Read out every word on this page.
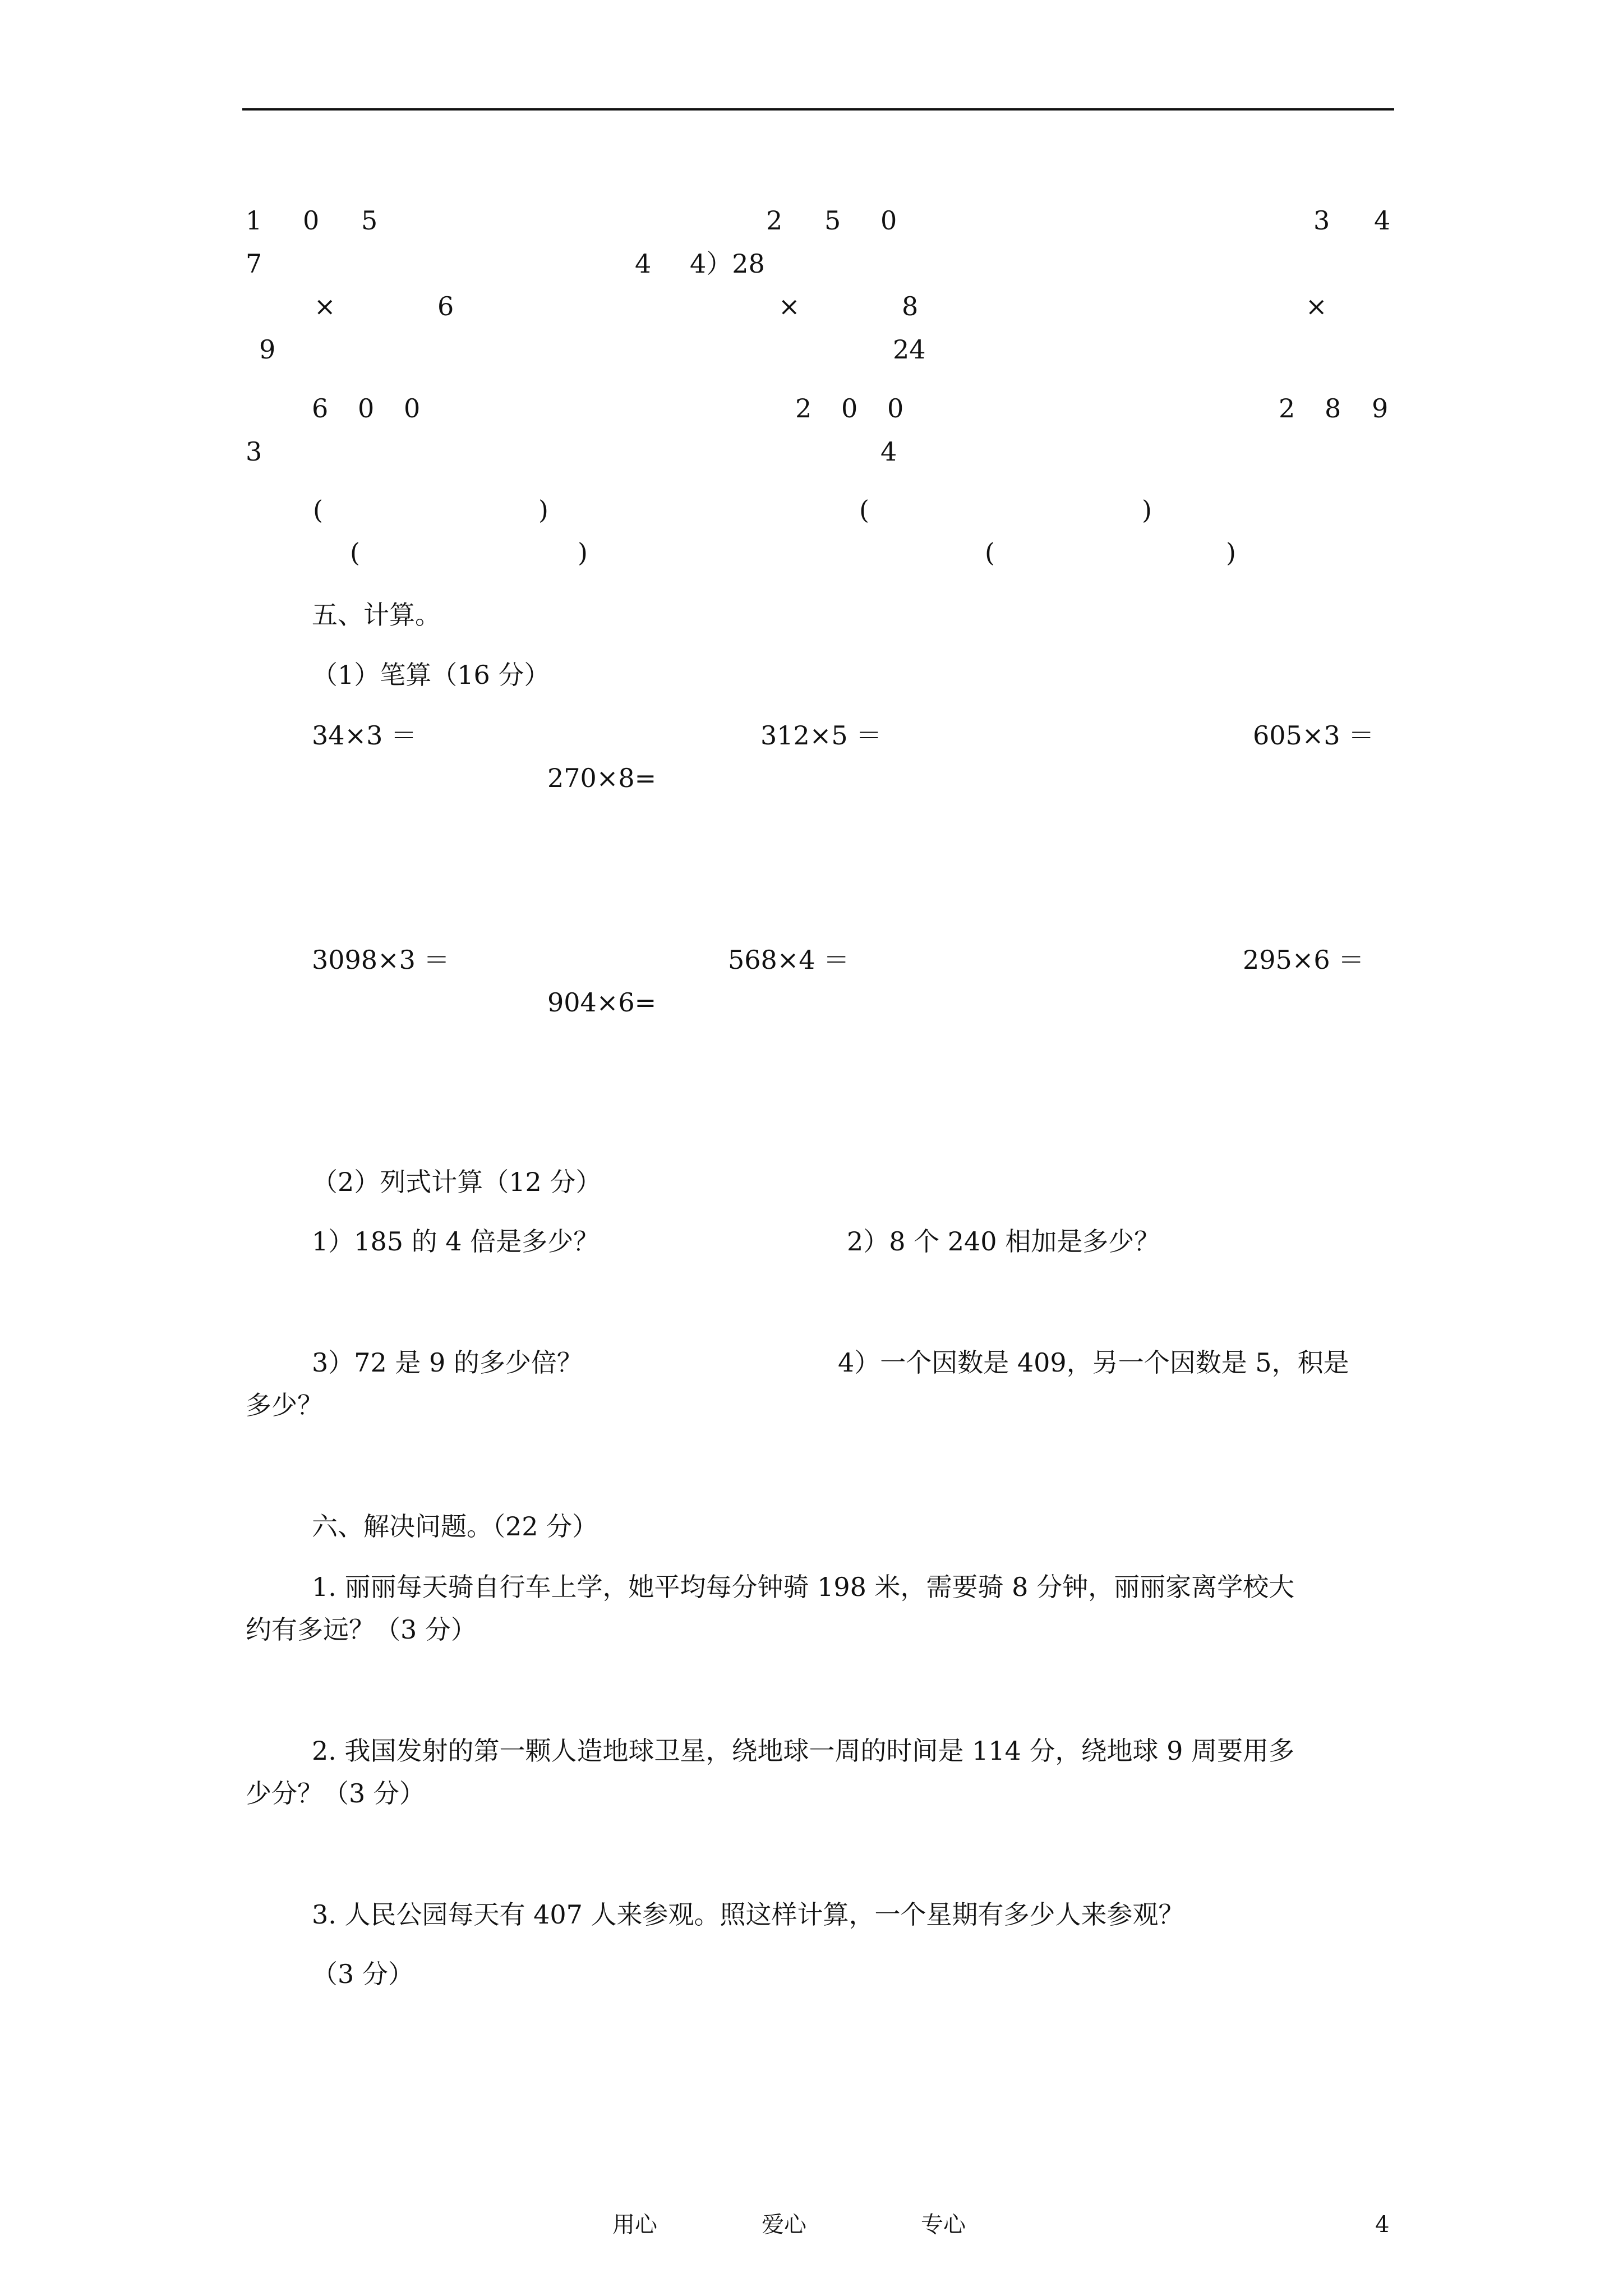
1 0 5	2 5 0	3 4
7	4 4）28
×	6	×	8	×
9	24
6 0 0	2 0 0	2 8 9
3	4
(	)	(	)
(	)	(	)
五、计算。
（1）笔算（16 分）
34×3 ＝	312×5 ＝	605×3 ＝
270×8=
3098×3 ＝	568×4 ＝	295×6 ＝
904×6=
（2）列式计算（12 分）
1）185 的 4 倍是多少？	2）8 个 240 相加是多少？
3）72 是 9 的多少倍？	4）一个因数是 409，另一个因数是 5，积是
多少？
六、解决问题。（22 分）
1. 丽丽每天骑自行车上学，她平均每分钟骑 198 米，需要骑 8 分钟，丽丽家离学校大
约有多远？（3 分）
2. 我国发射的第一颗人造地球卫星，绕地球一周的时间是 114 分，绕地球 9 周要用多
少分？（3 分）
3. 人民公园每天有 407 人来参观。照这样计算，一个星期有多少人来参观？
（3 分）
用心	爱心	专心	4
